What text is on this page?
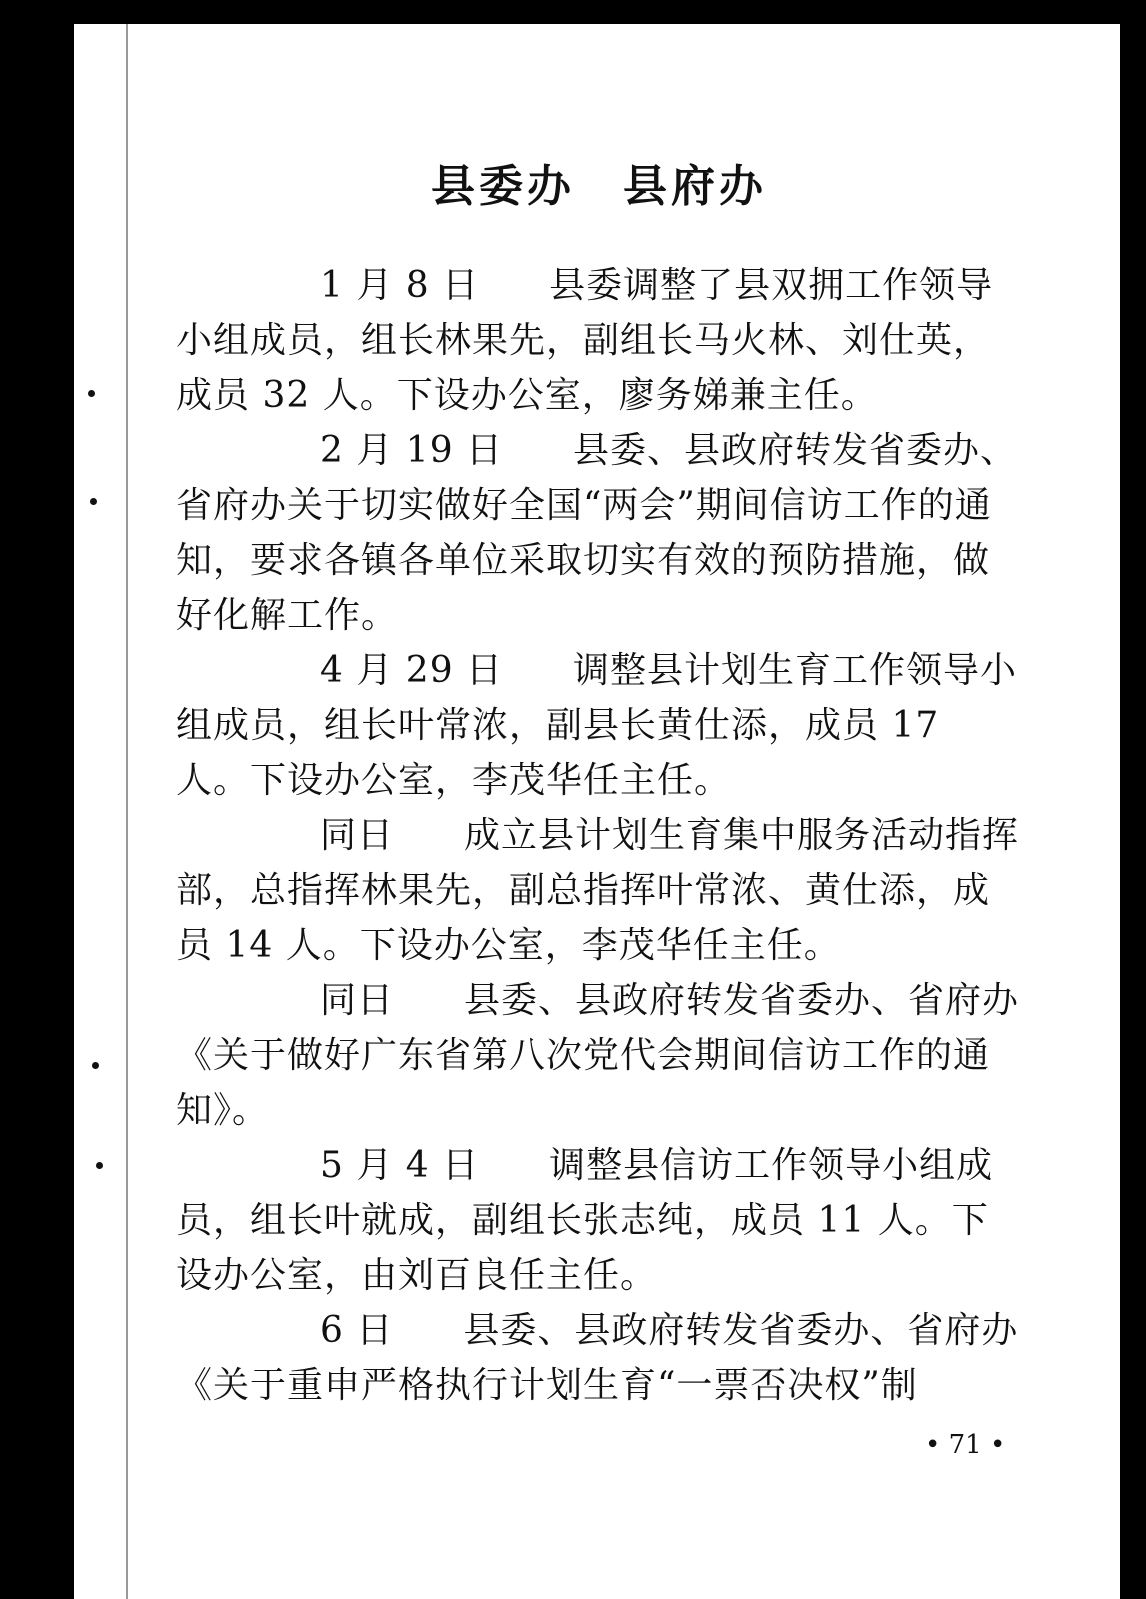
县委办　县府办

1 月 8 日 县委调整了县双拥工作领导小组成员，组长林果先，副组长马火林、刘仕英，成员 32 人。下设办公室，廖务娣兼主任。

2 月 19 日 县委、县政府转发省委办、省府办关于切实做好全国“两会”期间信访工作的通知，要求各镇各单位采取切实有效的预防措施，做好化解工作。

4 月 29 日 调整县计划生育工作领导小组成员，组长叶常浓，副县长黄仕添，成员 17 人。下设办公室，李茂华任主任。

同日 成立县计划生育集中服务活动指挥部，总指挥林果先，副总指挥叶常浓、黄仕添，成员 14 人。下设办公室，李茂华任主任。

同日 县委、县政府转发省委办、省府办《关于做好广东省第八次党代会期间信访工作的通知》。

5 月 4 日 调整县信访工作领导小组成员，组长叶就成，副组长张志纯，成员 11 人。下设办公室，由刘百良任主任。

6 日 县委、县政府转发省委办、省府办《关于重申严格执行计划生育“一票否决权”制

• 71 •
